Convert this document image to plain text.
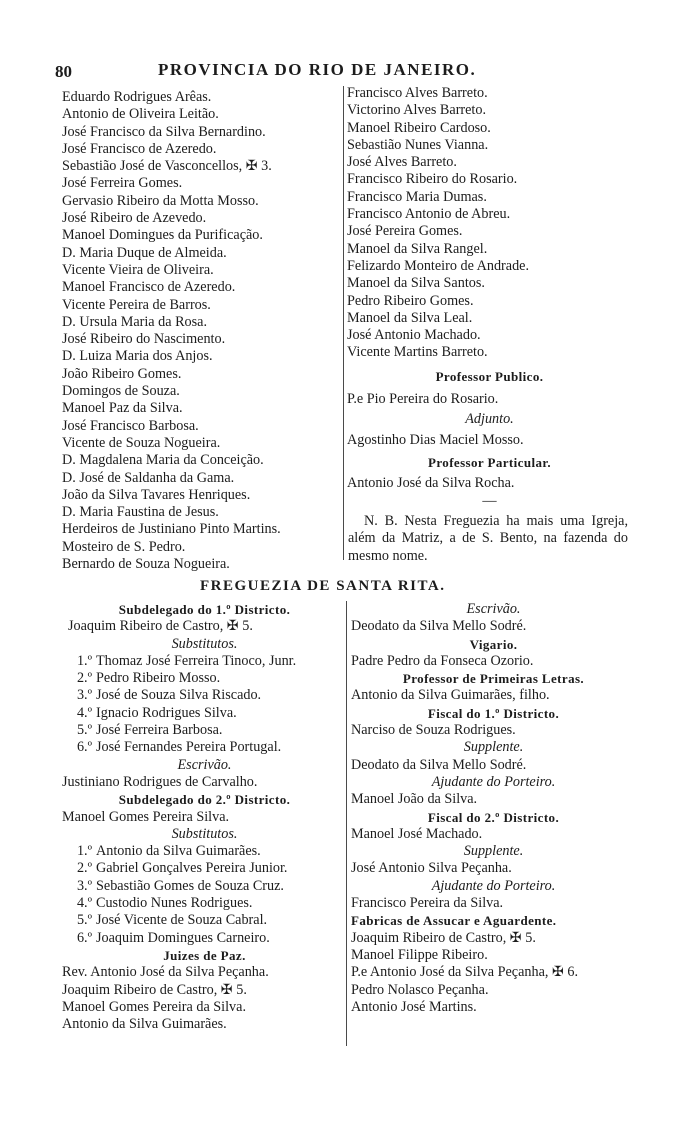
80	PROVINCIA DO RIO DE JANEIRO.
Eduardo Rodrigues Arêas.
Antonio de Oliveira Leitão.
José Francisco da Silva Bernardino.
José Francisco de Azeredo.
Sebastião José de Vasconcellos, ✠ 3.
José Ferreira Gomes.
Gervasio Ribeiro da Motta Mosso.
José Ribeiro de Azevedo.
Manoel Domingues da Purificação.
D. Maria Duque de Almeida.
Vicente Vieira de Oliveira.
Manoel Francisco de Azeredo.
Vicente Pereira de Barros.
D. Ursula Maria da Rosa.
José Ribeiro do Nascimento.
D. Luiza Maria dos Anjos.
João Ribeiro Gomes.
Domingos de Souza.
Manoel Paz da Silva.
José Francisco Barbosa.
Vicente de Souza Nogueira.
D. Magdalena Maria da Conceição.
D. José de Saldanha da Gama.
João da Silva Tavares Henriques.
D. Maria Faustina de Jesus.
Herdeiros de Justiniano Pinto Martins.
Mosteiro de S. Pedro.
Bernardo de Souza Nogueira.
Francisco Alves Barreto.
Victorino Alves Barreto.
Manoel Ribeiro Cardoso.
Sebastião Nunes Vianna.
José Alves Barreto.
Francisco Ribeiro do Rosario.
Francisco Maria Dumas.
Francisco Antonio de Abreu.
José Pereira Gomes.
Manoel da Silva Rangel.
Felizardo Monteiro de Andrade.
Manoel da Silva Santos.
Pedro Ribeiro Gomes.
Manoel da Silva Leal.
José Antonio Machado.
Vicente Martins Barreto.
Professor Publico.
P.e Pio Pereira do Rosario.
Adjunto.
Agostinho Dias Maciel Mosso.
Professor Particular.
Antonio José da Silva Rocha.
—
N. B. Nesta Freguezia ha mais uma Igreja, além da Matriz, a de S. Bento, na fazenda do mesmo nome.
FREGUEZIA DE SANTA RITA.
Subdelegado do 1.º Districto.
Joaquim Ribeiro de Castro, ✠ 5.
Substitutos.
1.º Thomaz José Ferreira Tinoco, Junr.
2.º Pedro Ribeiro Mosso.
3.º José de Souza Silva Riscado.
4.º Ignacio Rodrigues Silva.
5.º José Ferreira Barbosa.
6.º José Fernandes Pereira Portugal.
Escrivão.
Justiniano Rodrigues de Carvalho.
Subdelegado do 2.º Districto.
Manoel Gomes Pereira Silva.
Substitutos.
1.º Antonio da Silva Guimarães.
2.º Gabriel Gonçalves Pereira Junior.
3.º Sebastião Gomes de Souza Cruz.
4.º Custodio Nunes Rodrigues.
5.º José Vicente de Souza Cabral.
6.º Joaquim Domingues Carneiro.
Juizes de Paz.
Rev. Antonio José da Silva Peçanha.
Joaquim Ribeiro de Castro, ✠ 5.
Manoel Gomes Pereira da Silva.
Antonio da Silva Guimarães.
Escrivão.
Deodato da Silva Mello Sodré.
Vigario.
Padre Pedro da Fonseca Ozorio.
Professor de Primeiras Letras.
Antonio da Silva Guimarães, filho.
Fiscal do 1.º Districto.
Narciso de Souza Rodrigues.
Supplente.
Deodato da Silva Mello Sodré.
Ajudante do Porteiro.
Manoel João da Silva.
Fiscal do 2.º Districto.
Manoel José Machado.
Supplente.
José Antonio Silva Peçanha.
Ajudante do Porteiro.
Francisco Pereira da Silva.
Fabricas de Assucar e Aguardente.
Joaquim Ribeiro de Castro, ✠ 5.
Manoel Filippe Ribeiro.
P.e Antonio José da Silva Peçanha, ✠ 6.
Pedro Nolasco Peçanha.
Antonio José Martins.
